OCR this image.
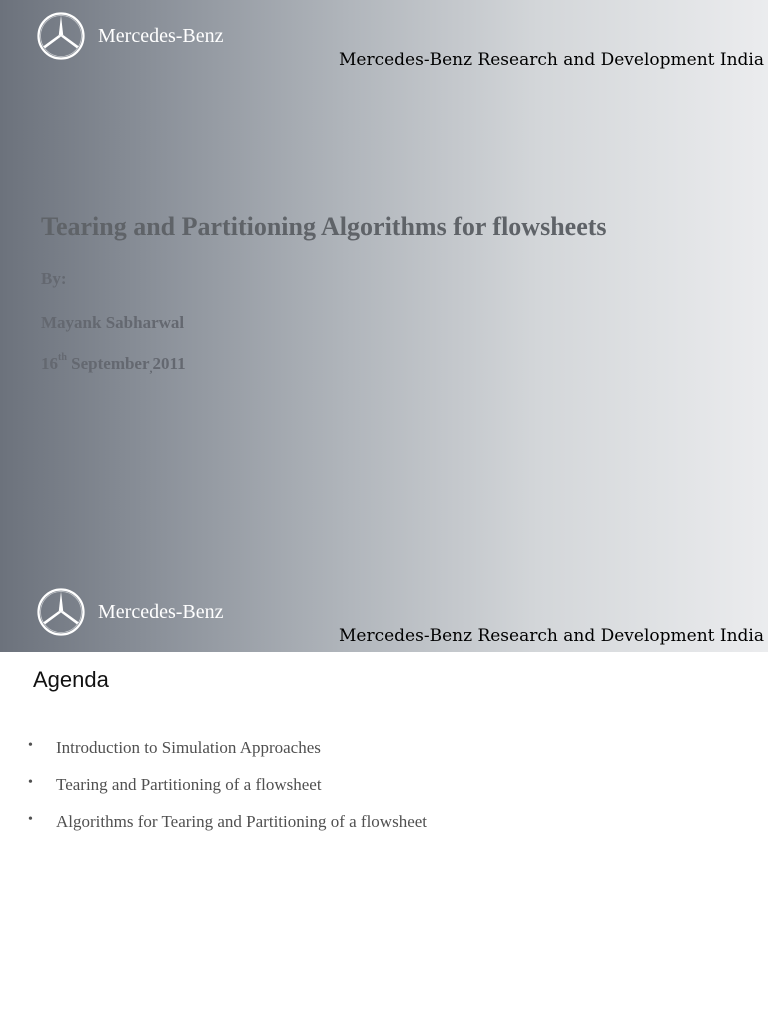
Mercedes-Benz
Mercedes-Benz Research and Development India
Tearing and Partitioning Algorithms for flowsheets
By:
Mayank Sabharwal
16th September,2011
Mercedes-Benz
Mercedes-Benz Research and Development India
Agenda
• Introduction to Simulation Approaches
• Tearing and Partitioning of a flowsheet
• Algorithms for Tearing and Partitioning of a flowsheet
